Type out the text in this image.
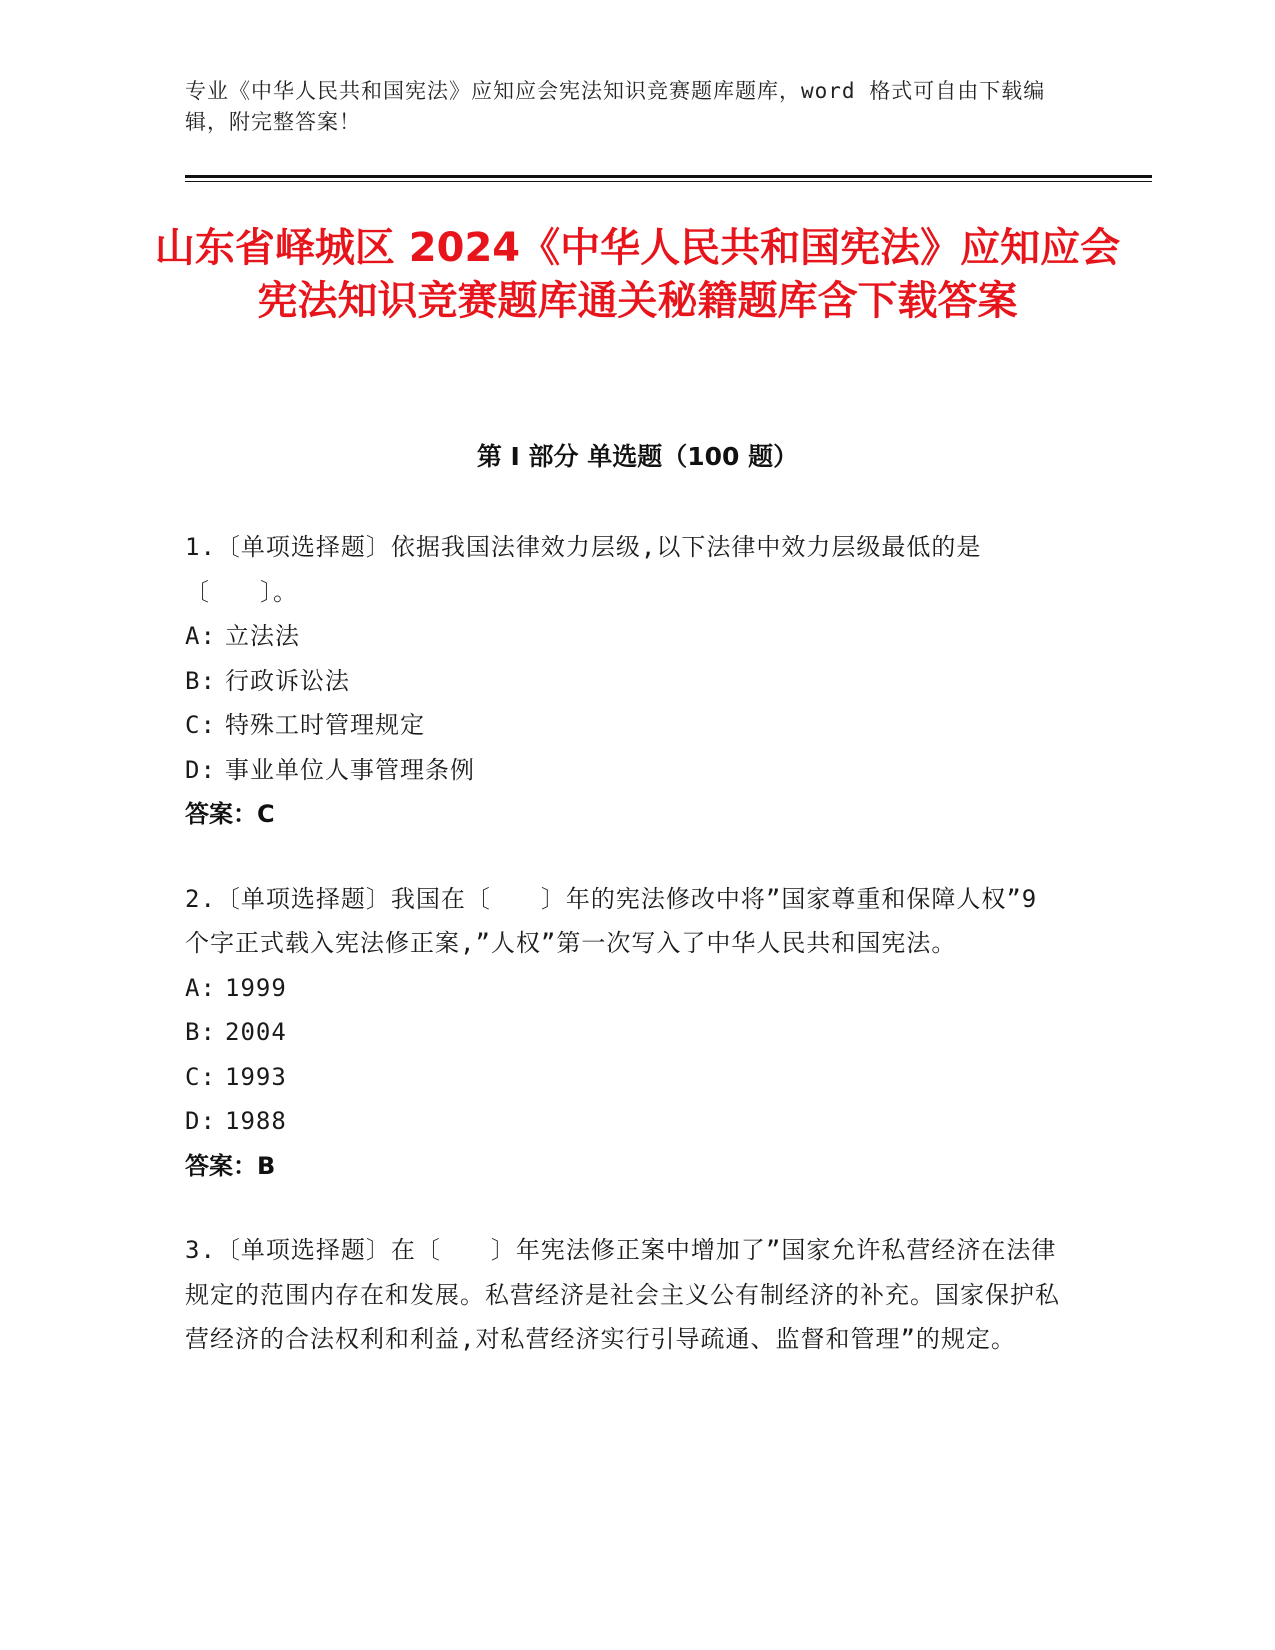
专业《中华人民共和国宪法》应知应会宪法知识竞赛题库题库，word 格式可自由下载编辑，附完整答案！
山东省峄城区 2024《中华人民共和国宪法》应知应会宪法知识竞赛题库通关秘籍题库含下载答案
第 I 部分 单选题（100 题）
1.〔单项选择题〕依据我国法律效力层级,以下法律中效力层级最低的是〔　　〕。
A: 立法法
B: 行政诉讼法
C: 特殊工时管理规定
D: 事业单位人事管理条例
答案：C
2.〔单项选择题〕我国在〔　　〕年的宪法修改中将”国家尊重和保障人权”9 个字正式载入宪法修正案,”人权”第一次写入了中华人民共和国宪法。
A: 1999
B: 2004
C: 1993
D: 1988
答案：B
3.〔单项选择题〕在〔　　〕年宪法修正案中增加了”国家允许私营经济在法律规定的范围内存在和发展。私营经济是社会主义公有制经济的补充。国家保护私营经济的合法权利和利益,对私营经济实行引导疏通、监督和管理”的规定。
